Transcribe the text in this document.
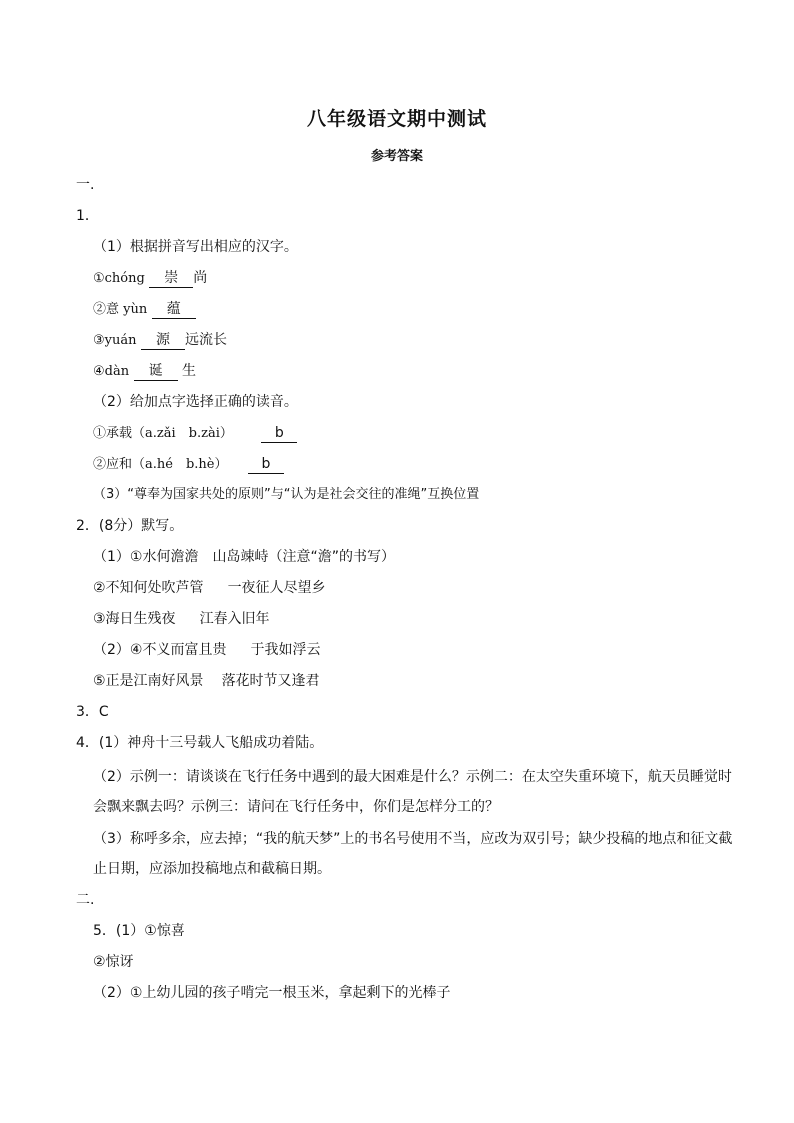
八年级语文期中测试
参考答案
一.
1．
（1）根据拼音写出相应的汉字。
①chóng 崇 尚
②意 yùn 蕴
③yuán 源 远流长
④dàn 诞 生
（2）给加点字选择正确的读音。
①承载（a.zǎi　b.zài）	b
②应和（a.hé　b.hè） b
（3）“尊奉为国家共处的原则”与“认为是社会交往的准绳”互换位置
2．(8分）默写。
（1）①水何澹澹 山岛竦峙（注意“澹”的书写）
②不知何处吹芦管 一夜征人尽望乡
③海日生残夜 江春入旧年
（2）④不义而富且贵 于我如浮云
⑤正是江南好风景 落花时节又逢君
3．C
4．(1）神舟十三号载人飞船成功着陆。
（2）示例一：请谈谈在飞行任务中遇到的最大困难是什么？示例二：在太空失重环境下，航天员睡觉时会飘来飘去吗？示例三：请问在飞行任务中，你们是怎样分工的？
（3）称呼多余，应去掉；“我的航天梦”上的书名号使用不当，应改为双引号；缺少投稿的地点和征文截止日期，应添加投稿地点和截稿日期。
二.
5．(1）①惊喜
②惊讶
（2）①上幼儿园的孩子啃完一根玉米，拿起剩下的光棒子
